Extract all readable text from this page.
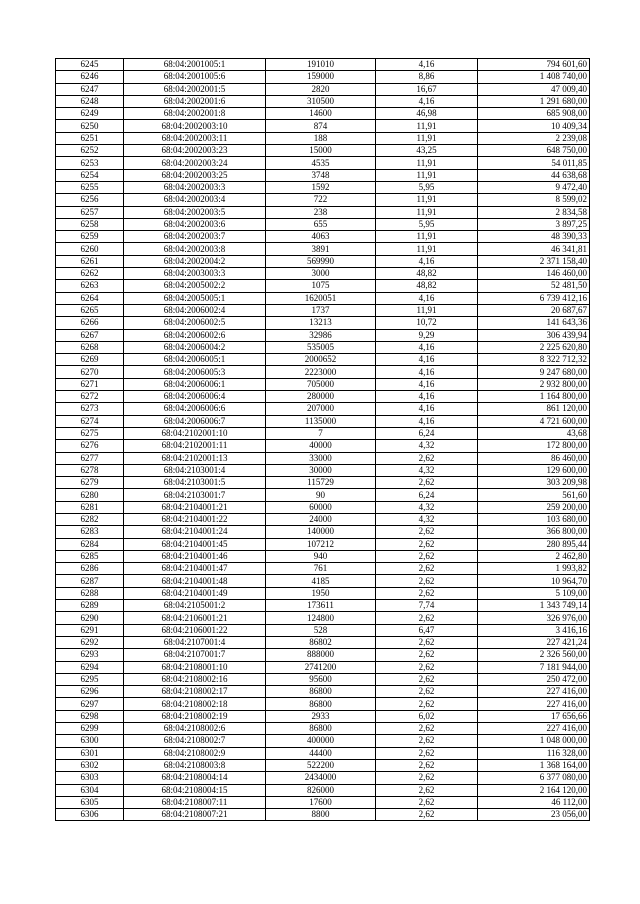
6245	68:04:2001005:1	191010	4,16	794 601,60
6246	68:04:2001005:6	159000	8,86	1 408 740,00
6247	68:04:2002001:5	2820	16,67	47 009,40
6248	68:04:2002001:6	310500	4,16	1 291 680,00
6249	68:04:2002001:8	14600	46,98	685 908,00
6250	68:04:2002003:10	874	11,91	10 409,34
6251	68:04:2002003:11	188	11,91	2 239,08
6252	68:04:2002003:23	15000	43,25	648 750,00
6253	68:04:2002003:24	4535	11,91	54 011,85
6254	68:04:2002003:25	3748	11,91	44 638,68
6255	68:04:2002003:3	1592	5,95	9 472,40
6256	68:04:2002003:4	722	11,91	8 599,02
6257	68:04:2002003:5	238	11,91	2 834,58
6258	68:04:2002003:6	655	5,95	3 897,25
6259	68:04:2002003:7	4063	11,91	48 390,33
6260	68:04:2002003:8	3891	11,91	46 341,81
6261	68:04:2002004:2	569990	4,16	2 371 158,40
6262	68:04:2003003:3	3000	48,82	146 460,00
6263	68:04:2005002:2	1075	48,82	52 481,50
6264	68:04:2005005:1	1620051	4,16	6 739 412,16
6265	68:04:2006002:4	1737	11,91	20 687,67
6266	68:04:2006002:5	13213	10,72	141 643,36
6267	68:04:2006002:6	32986	9,29	306 439,94
6268	68:04:2006004:2	535005	4,16	2 225 620,80
6269	68:04:2006005:1	2000652	4,16	8 322 712,32
6270	68:04:2006005:3	2223000	4,16	9 247 680,00
6271	68:04:2006006:1	705000	4,16	2 932 800,00
6272	68:04:2006006:4	280000	4,16	1 164 800,00
6273	68:04:2006006:6	207000	4,16	861 120,00
6274	68:04:2006006:7	1135000	4,16	4 721 600,00
6275	68:04:2102001:10	7	6,24	43,68
6276	68:04:2102001:11	40000	4,32	172 800,00
6277	68:04:2102001:13	33000	2,62	86 460,00
6278	68:04:2103001:4	30000	4,32	129 600,00
6279	68:04:2103001:5	115729	2,62	303 209,98
6280	68:04:2103001:7	90	6,24	561,60
6281	68:04:2104001:21	60000	4,32	259 200,00
6282	68:04:2104001:22	24000	4,32	103 680,00
6283	68:04:2104001:24	140000	2,62	366 800,00
6284	68:04:2104001:45	107212	2,62	280 895,44
6285	68:04:2104001:46	940	2,62	2 462,80
6286	68:04:2104001:47	761	2,62	1 993,82
6287	68:04:2104001:48	4185	2,62	10 964,70
6288	68:04:2104001:49	1950	2,62	5 109,00
6289	68:04:2105001:2	173611	7,74	1 343 749,14
6290	68:04:2106001:21	124800	2,62	326 976,00
6291	68:04:2106001:22	528	6,47	3 416,16
6292	68:04:2107001:4	86802	2,62	227 421,24
6293	68:04:2107001:7	888000	2,62	2 326 560,00
6294	68:04:2108001:10	2741200	2,62	7 181 944,00
6295	68:04:2108002:16	95600	2,62	250 472,00
6296	68:04:2108002:17	86800	2,62	227 416,00
6297	68:04:2108002:18	86800	2,62	227 416,00
6298	68:04:2108002:19	2933	6,02	17 656,66
6299	68:04:2108002:6	86800	2,62	227 416,00
6300	68:04:2108002:7	400000	2,62	1 048 000,00
6301	68:04:2108002:9	44400	2,62	116 328,00
6302	68:04:2108003:8	522200	2,62	1 368 164,00
6303	68:04:2108004:14	2434000	2,62	6 377 080,00
6304	68:04:2108004:15	826000	2,62	2 164 120,00
6305	68:04:2108007:11	17600	2,62	46 112,00
6306	68:04:2108007:21	8800	2,62	23 056,00
